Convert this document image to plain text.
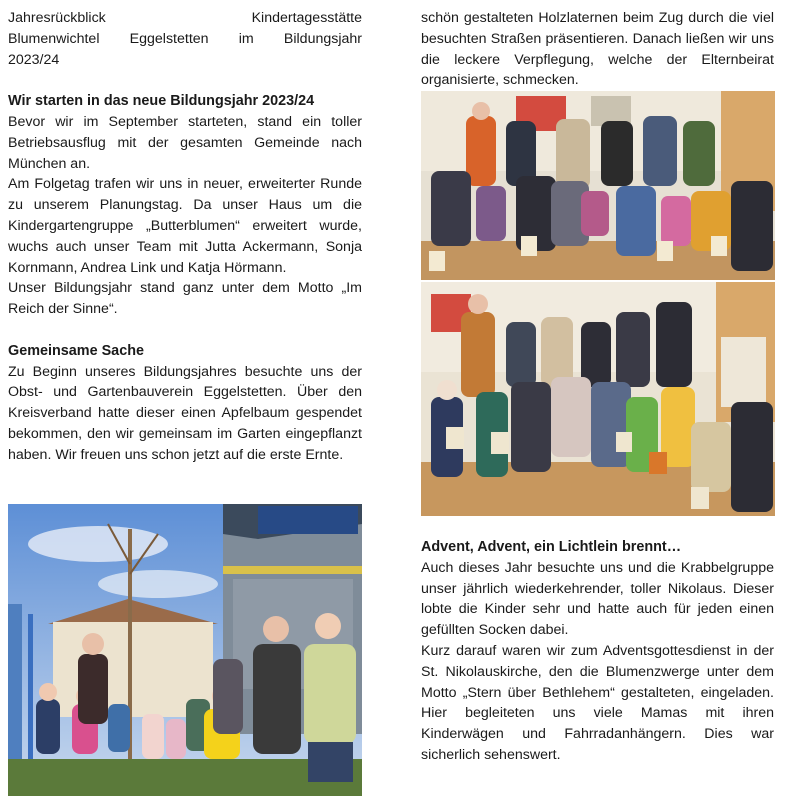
Jahresrückblick	Kindertagesstätte

Blumenwichtel Eggelstetten im Bildungsjahr

2023/24

Wir starten in das neue Bildungsjahr 2023/24

Bevor wir im September starteten, stand ein toller Betriebsausflug mit der gesamten Gemeinde nach München an.

Am Folgetag trafen wir uns in neuer, erweiterter Runde zu unserem Planungstag. Da unser Haus um die Kindergartengruppe „Butterblumen“ erweitert wurde, wuchs auch unser Team mit Jutta Ackermann, Sonja Kornmann, Andrea Link und Katja Hörmann.

Unser Bildungsjahr stand ganz unter dem Motto „Im Reich der Sinne“.

Gemeinsame Sache

Zu Beginn unseres Bildungsjahres besuchte uns der Obst- und Gartenbauverein Eggelstetten. Über den Kreisverband hatte dieser einen Apfelbaum gespendet bekommen, den wir gemeinsam im Garten eingepflanzt haben. Wir freuen uns schon jetzt auf die erste Ernte.

schön gestalteten Holzlaternen beim Zug durch die viel besuchten Straßen präsentieren. Danach ließen wir uns die leckere Verpflegung, welche der Elternbeirat organisierte, schmecken.

Advent, Advent, ein Lichtlein brennt…

Auch dieses Jahr besuchte uns und die Krabbelgruppe unser jährlich wiederkehrender, toller Nikolaus. Dieser lobte die Kinder sehr und hatte auch für jeden einen gefüllten Socken dabei.

Kurz darauf waren wir zum Adventsgottesdienst in der St. Nikolauskirche, den die Blumenzwerge unter dem Motto „Stern über Bethlehem“ gestalteten, eingeladen. Hier begleiteten uns viele Mamas mit ihren Kinderwägen und Fahrradanhängern. Dies war sicherlich sehenswert.
